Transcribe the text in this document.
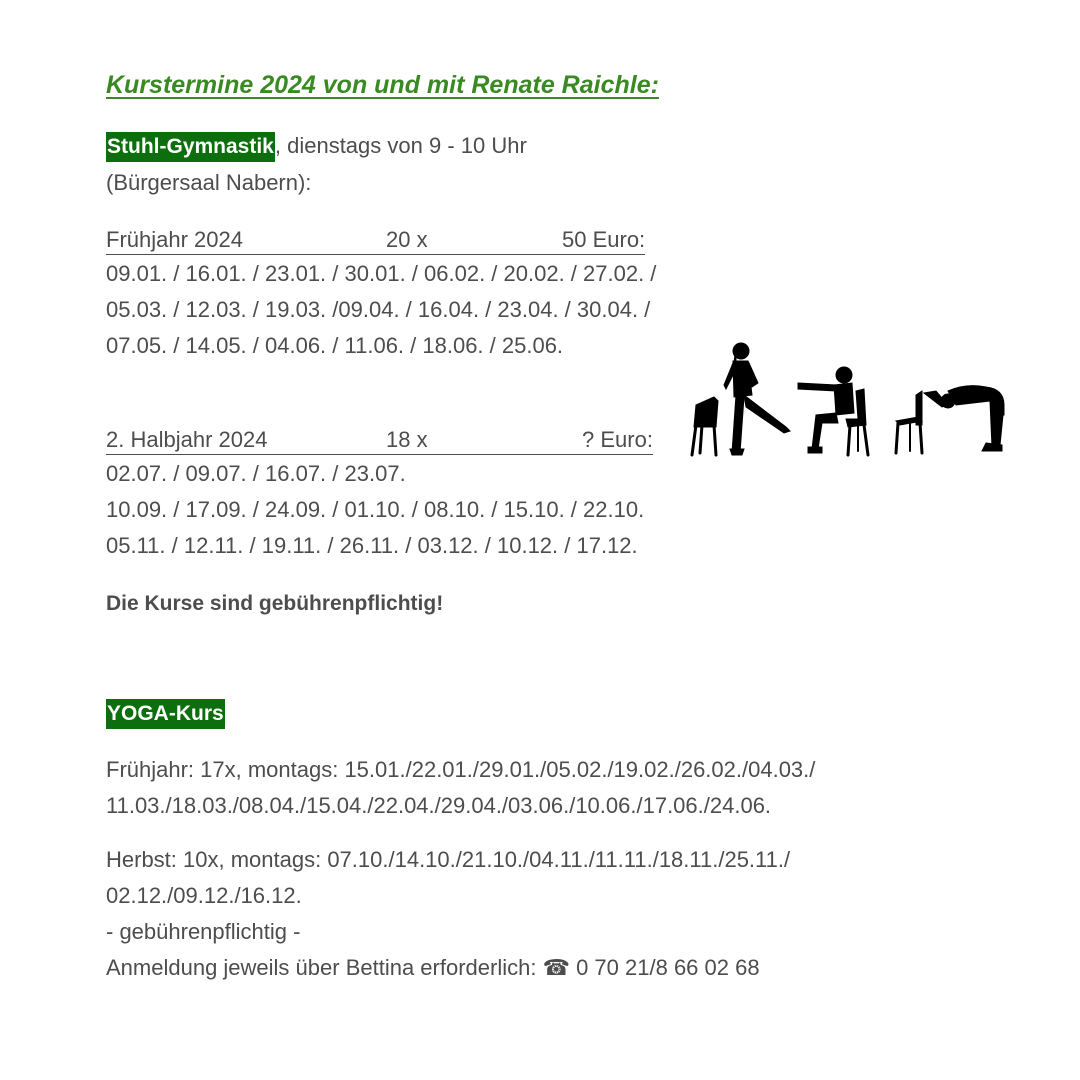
Kurstermine 2024 von und mit Renate Raichle:
Stuhl-Gymnastik, dienstags von 9 - 10 Uhr
(Bürgersaal Nabern):
Frühjahr 2024	20 x	50 Euro:
09.01. / 16.01. / 23.01. / 30.01. / 06.02. / 20.02. / 27.02. /
05.03. / 12.03. / 19.03. /09.04. / 16.04. / 23.04. / 30.04. /
07.05. / 14.05. / 04.06. / 11.06. / 18.06. / 25.06.
2. Halbjahr 2024	18 x	? Euro:
02.07. / 09.07. / 16.07. / 23.07.
10.09. / 17.09. / 24.09. / 01.10. / 08.10. / 15.10. / 22.10.
05.11. / 12.11. / 19.11. / 26.11. / 03.12. / 10.12. / 17.12.
Die Kurse sind gebührenpflichtig!
YOGA-Kurs
Frühjahr: 17x, montags: 15.01./22.01./29.01./05.02./19.02./26.02./04.03./
11.03./18.03./08.04./15.04./22.04./29.04./03.06./10.06./17.06./24.06.
Herbst: 10x, montags: 07.10./14.10./21.10./04.11./11.11./18.11./25.11./
02.12./09.12./16.12.
- gebührenpflichtig -
Anmeldung jeweils über Bettina erforderlich: ☎ 0 70 21/8 66 02 68
